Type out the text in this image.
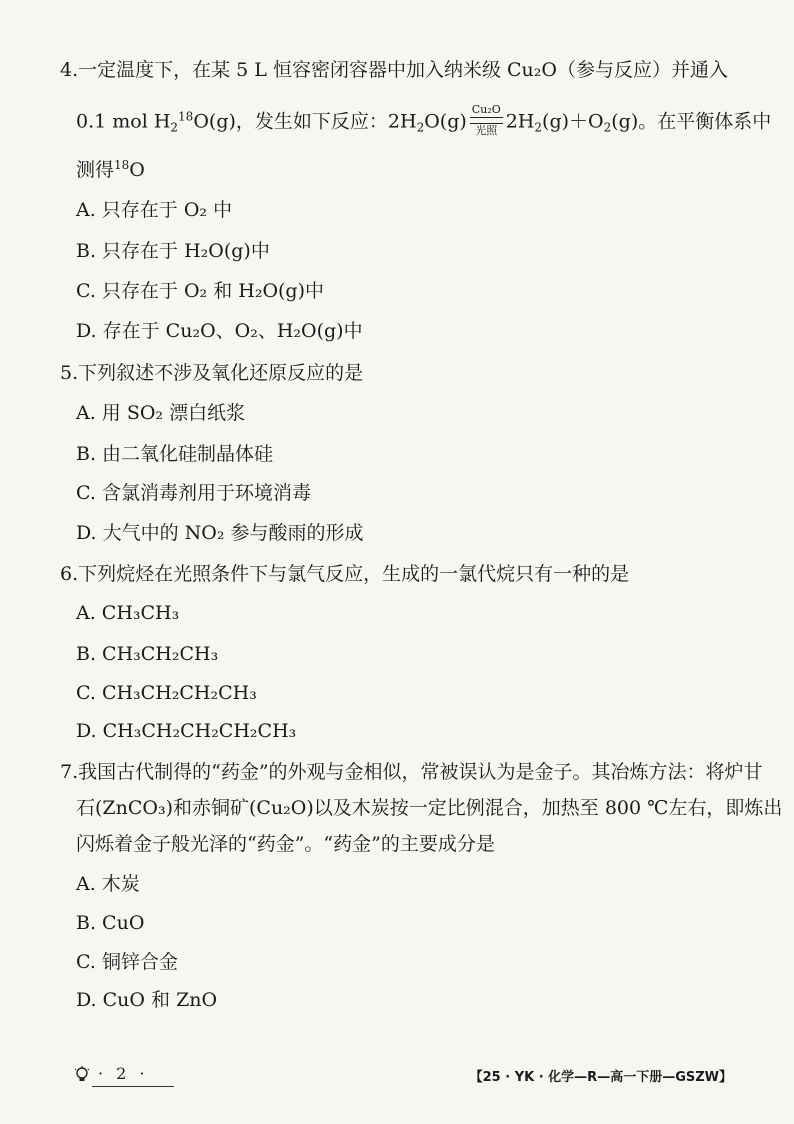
4.一定温度下，在某 5 L 恒容密闭容器中加入纳米级 Cu₂O（参与反应）并通入
0.1 mol $H_2^{18}O(g)$，发生如下反应：$2H_2O(g)$
Cu₂O
光照 $2H_2(g)+O_2(g)$。在平衡体系中
测得$^{18}$O
A. 只存在于 O₂ 中
B. 只存在于 H₂O(g)中
C. 只存在于 O₂ 和 H₂O(g)中
D. 存在于 Cu₂O、O₂、H₂O(g)中
5.下列叙述不涉及氧化还原反应的是
A. 用 SO₂ 漂白纸浆
B. 由二氧化硅制晶体硅
C. 含氯消毒剂用于环境消毒
D. 大气中的 NO₂ 参与酸雨的形成
6.下列烷烃在光照条件下与氯气反应，生成的一氯代烷只有一种的是
A. CH₃CH₃
B. CH₃CH₂CH₃
C. CH₃CH₂CH₂CH₃
D. CH₃CH₂CH₂CH₂CH₃
7.我国古代制得的“药金”的外观与金相似，常被误认为是金子。其冶炼方法：将炉甘
石(ZnCO₃)和赤铜矿(Cu₂O)以及木炭按一定比例混合，加热至 800 ℃左右，即炼出
闪烁着金子般光泽的“药金”。“药金”的主要成分是
A. 木炭
B. CuO
C. 铜锌合金
D. CuO 和 ZnO
· 2 ·	【25 · YK · 化学—R—高一下册—GSZW】
